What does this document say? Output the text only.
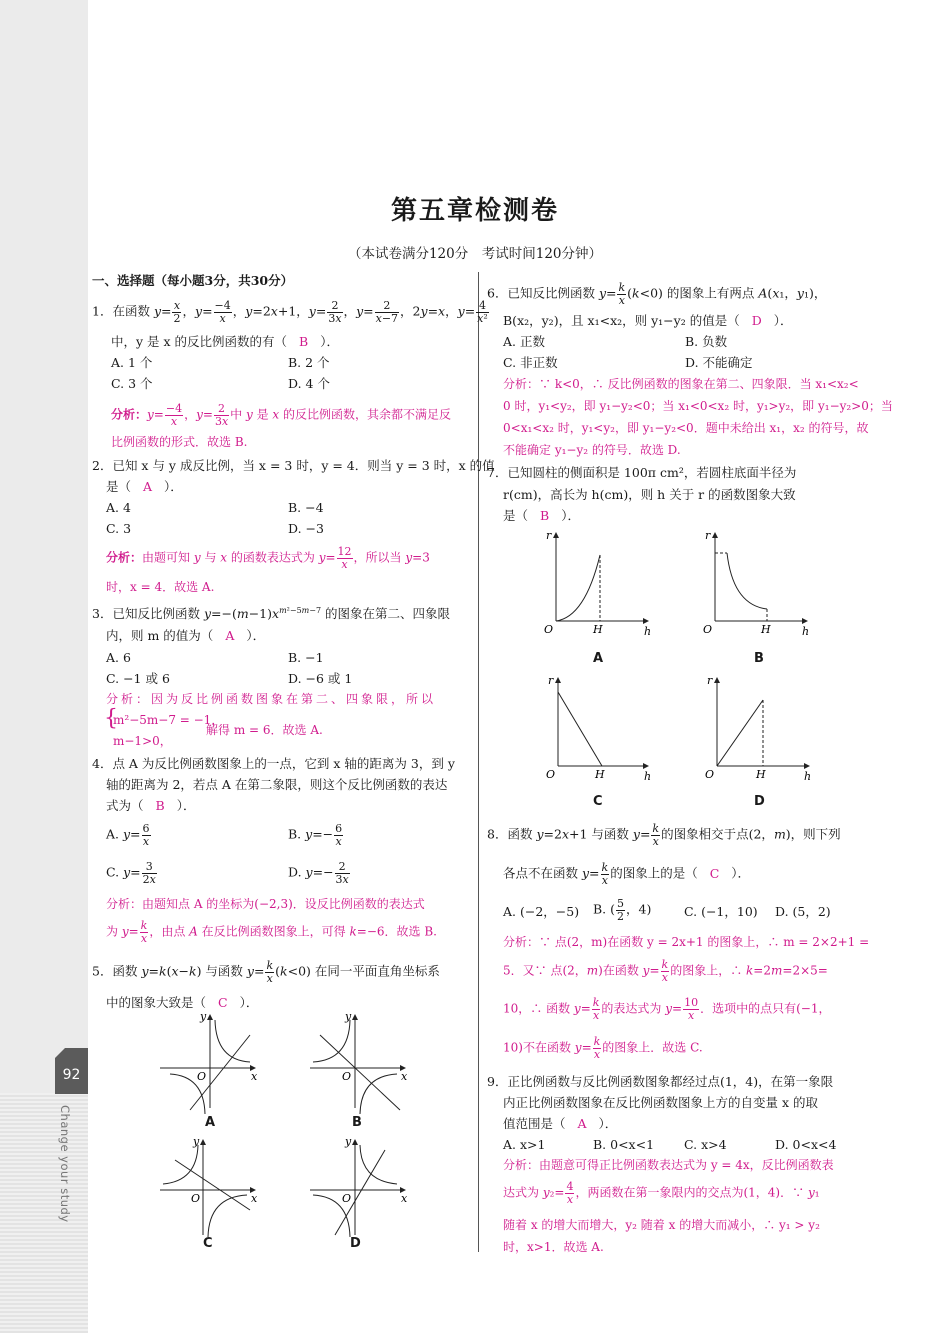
92
Change your study
第五章检测卷
（本试卷满分120分　考试时间120分钟）
一、选择题（每小题3分，共30分）
1．在函数 $y= \frac{x}{2}$ ，$y= \frac{-4}{x}$ ，y=2x+1，$y= \frac{2}{3x}$ ，$y= \frac{2}{x-7}$ ，2y=x，$y= \frac{4}{\text{x²}}$
中，y 是 x 的反比例函数的有（ B ）．
A. 1 个	B. 2 个
C. 3 个	D. 4 个
分析：$y= \frac{-4}{x}$ ，$y= \frac{2}{3x}$ 中 y 是 x 的反比例函数，其余都不满足反
比例函数的形式．故选 B.
2．已知 x 与 y 成反比例，当 x = 3 时，y = 4．则当 y = 3 时，x 的值
是（ A ）．
A. 4	B. −4
C. 3	D. −3
分析：由题可知 y 与 x 的函数表达式为 $y= \frac{12}{x}$ ，所以当 y=3
时，x = 4．故选 A.
3．已知反比例函数 $y=-(m-1)x^{m^2-5m-7}$ 的图象在第二、四象限
内，则 m 的值为（ A ）．
A. 6	B. −1
C. −1 或 6	D. −6 或 1
分析：因为反比例函数图象在第二、四象限，所以
{
m²−5m−7 = −1，
m−1>0，
解得 m = 6．故选 A.
4．点 A 为反比例函数图象上的一点，它到 x 轴的距离为 3，到 y
轴的距离为 2，若点 A 在第二象限，则这个反比例函数的表达
式为（ B ）．
A. $y= \frac{6}{x}$	B. $y=- \frac{6}{x}$
C. $y= \frac{3}{2x}$	D. $y=- \frac{2}{3x}$
分析：由题知点 A 的坐标为(−2,3)．设反比例函数的表达式
为 $y= \frac{k}{x}$ ，由点 A 在反比例函数图象上，可得 k=−6．故选 B.
5．函数 y=k(x−k) 与函数 $y= \frac{k}{x} (k<0)$ 在同一平面直角坐标系
中的图象大致是（ C ）．
y
x
O
y
x
O
y
x
O
y
x
O
A	B
C	D
6．已知反比例函数 $y= \frac{k}{x} (k<0)$ 的图象上有两点 A(x₁，y₁)，
B(x₂，y₂)，且 x₁<x₂，则 y₁−y₂ 的值是（ D ）．
A. 正数	B. 负数
C. 非正数	D. 不能确定
分析：∵ k<0，∴ 反比例函数的图象在第二、四象限．当 x₁<x₂<
0 时，y₁<y₂，即 y₁−y₂<0；当 x₁<0<x₂ 时，y₁>y₂，即 y₁−y₂>0；当
0<x₁<x₂ 时，y₁<y₂，即 y₁−y₂<0．题中未给出 x₁，x₂ 的符号，故
不能确定 y₁−y₂ 的符号．故选 D.
7．已知圆柱的侧面积是 100π cm²，若圆柱底面半径为
r(cm)，高长为 h(cm)，则 h 关于 r 的函数图象大致
是（ B ）．
r
O	H	h
r
O	H	h
r
O	H	h
r
O	H	h
A	B
C	D
8．函数 y=2x+1 与函数 $y= \frac{k}{x}$ 的图象相交于点(2，m)，则下列
各点不在函数 $y= \frac{k}{x}$ 的图象上的是（ C ）．
A. (−2，−5) B. ( $\frac{5}{2}$ ，4)	C. (−1，10) D. (5，2)
分析：∵ 点(2，m)在函数 y = 2x+1 的图象上，∴ m = 2×2+1 =
5．又∵ 点(2，m)在函数 $y= \frac{k}{x}$ 的图象上，∴ k=2m=2×5=
10，∴ 函数 $y= \frac{k}{x}$ 的表达式为 $y= \frac{10}{x}$ ．选项中的点只有(−1，
10)不在函数 $y= \frac{k}{x}$ 的图象上．故选 C.
9．正比例函数与反比例函数图象都经过点(1，4)，在第一象限
内正比例函数图象在反比例函数图象上方的自变量 x 的取
值范围是（ A ）．
A. x>1	B. 0<x<1 C. x>4	D. 0<x<4
分析：由题意可得正比例函数表达式为 y = 4x，反比例函数表
达式为 $y_2= \frac{4}{x}$ ，两函数在第一象限内的交点为(1，4)．∵ y₁
随着 x 的增大而增大，y₂ 随着 x 的增大而减小，∴ y₁ > y₂
时，x>1．故选 A.
